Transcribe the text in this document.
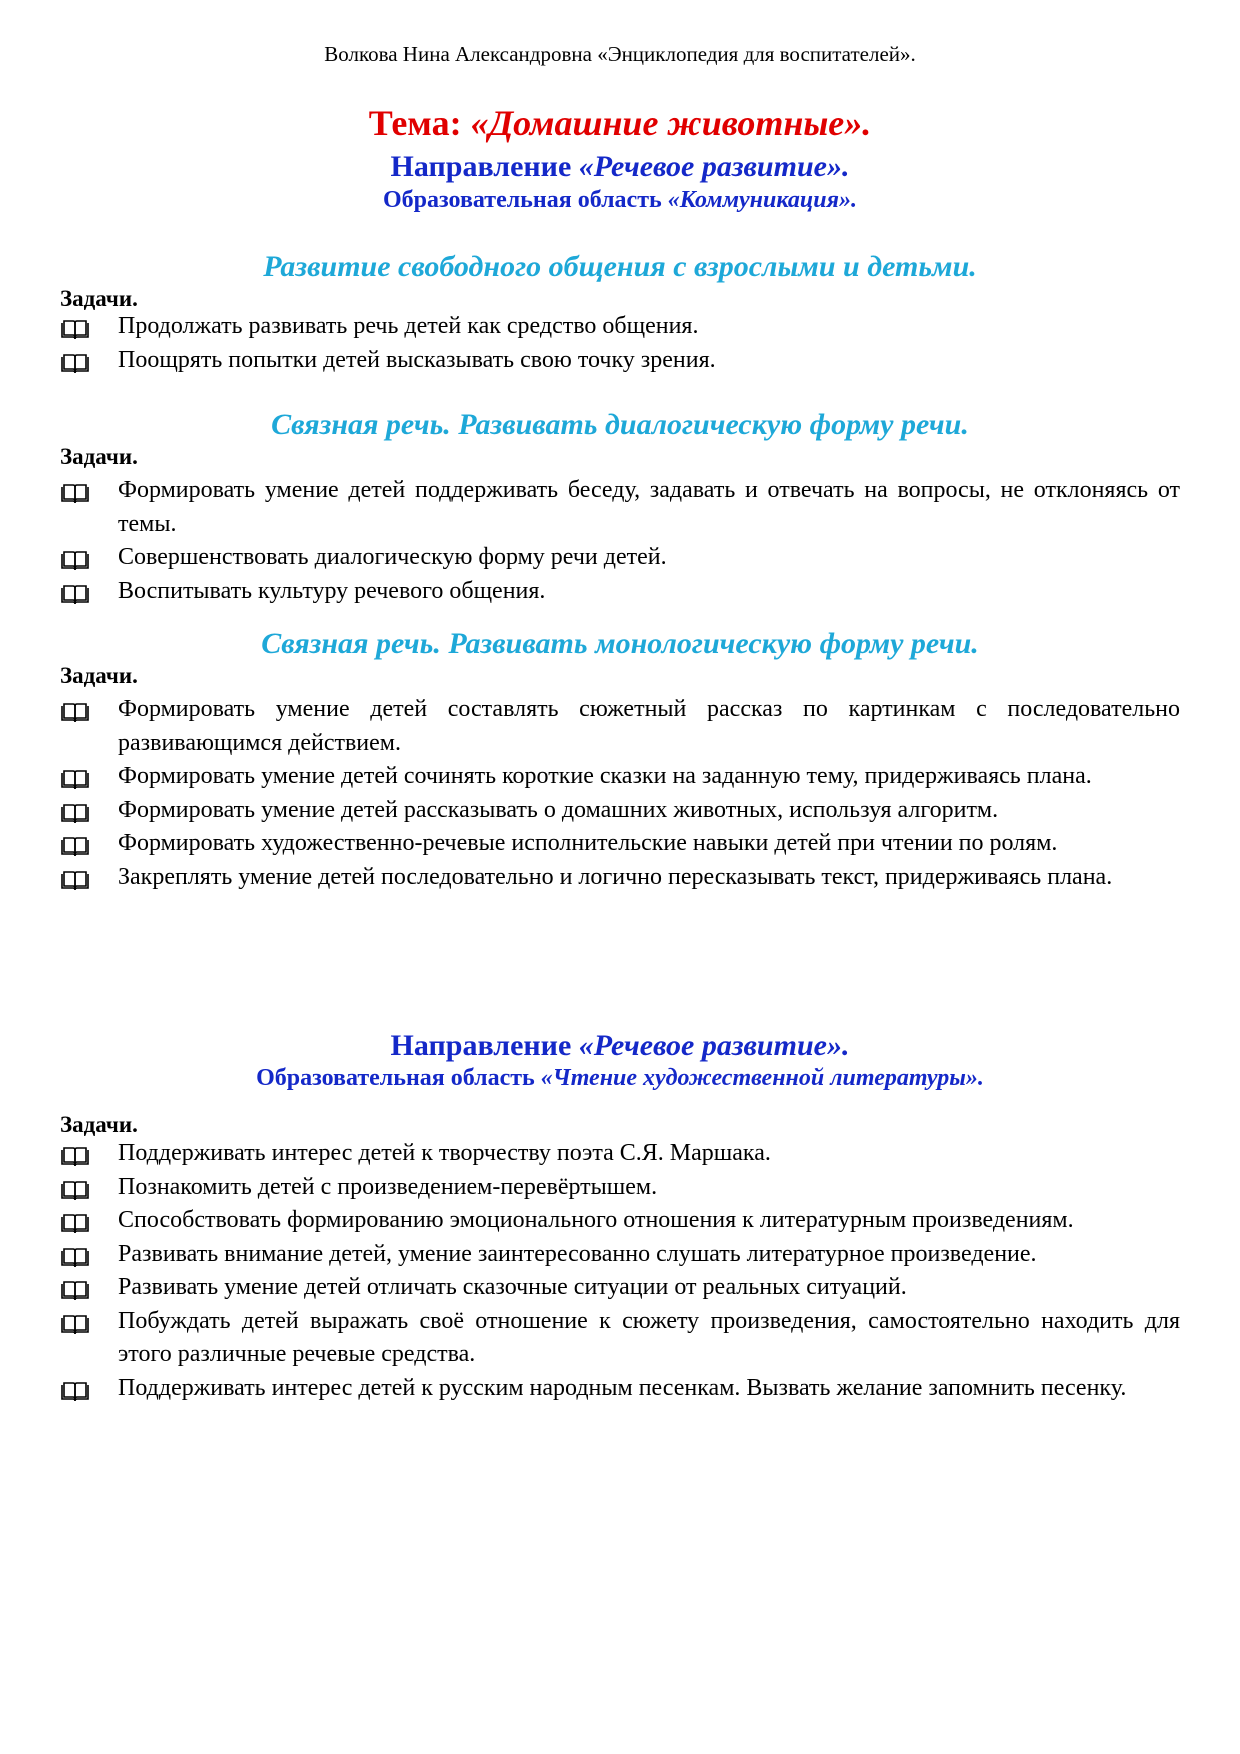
Волкова Нина Александровна «Энциклопедия для воспитателей».
Тема: «Домашние животные».
Направление «Речевое развитие».
Образовательная область «Коммуникация».
Развитие свободного общения с взрослыми и детьми.
Задачи.
Продолжать развивать речь детей как средство общения.
Поощрять попытки детей высказывать свою точку зрения.
Связная речь. Развивать диалогическую форму речи.
Задачи.
Формировать умение детей поддерживать беседу, задавать и отвечать на вопросы, не отклоняясь от темы.
Совершенствовать диалогическую форму речи детей.
Воспитывать культуру речевого общения.
Связная речь. Развивать монологическую форму речи.
Задачи.
Формировать умение детей составлять сюжетный рассказ по картинкам с последовательно развивающимся действием.
Формировать умение детей сочинять короткие сказки на заданную тему, придерживаясь плана.
Формировать умение детей рассказывать о домашних животных, используя алгоритм.
Формировать художественно-речевые исполнительские навыки детей при чтении по ролям.
Закреплять умение детей последовательно и логично пересказывать текст, придерживаясь плана.
Направление «Речевое развитие».
Образовательная область «Чтение художественной литературы».
Задачи.
Поддерживать интерес детей к творчеству поэта С.Я. Маршака.
Познакомить детей с произведением-перевёртышем.
Способствовать формированию эмоционального отношения к литературным произведениям.
Развивать внимание детей, умение заинтересованно слушать литературное произведение.
Развивать умение детей отличать сказочные ситуации от реальных ситуаций.
Побуждать детей выражать своё отношение к сюжету произведения, самостоятельно находить для этого различные речевые средства.
Поддерживать интерес детей к русским народным песенкам. Вызвать желание запомнить песенку.
